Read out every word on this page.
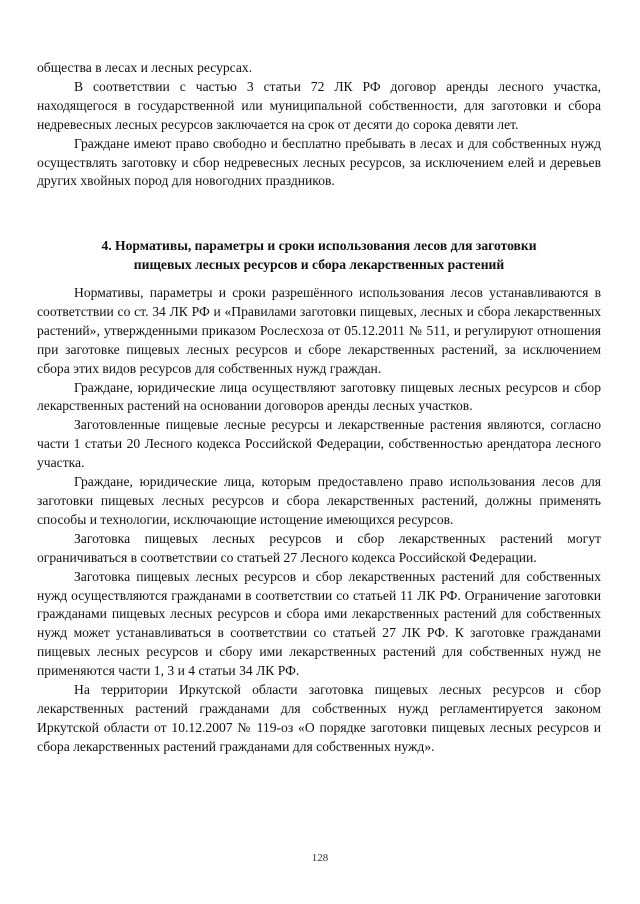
общества в лесах и лесных ресурсах.

В соответствии с частью 3 статьи 72 ЛК РФ договор аренды лесного участка, находящегося в государственной или муниципальной собственности, для заготовки и сбора недревесных лесных ресурсов заключается на срок от десяти до сорока девяти лет.

Граждане имеют право свободно и бесплатно пребывать в лесах и для собственных нужд осуществлять заготовку и сбор недревесных лесных ресурсов, за исключением елей и деревьев других хвойных пород для новогодних праздников.

4. Нормативы, параметры и сроки использования лесов для заготовки
пищевых лесных ресурсов и сбора лекарственных растений

Нормативы, параметры и сроки разрешённого использования лесов устанавливаются в соответствии со ст. 34 ЛК РФ и «Правилами заготовки пищевых, лесных и сбора лекарственных растений», утвержденными приказом Рослесхоза от 05.12.2011 № 511, и регулируют отношения при заготовке пищевых лесных ресурсов и сборе лекарственных растений, за исключением сбора этих видов ресурсов для собственных нужд граждан.

Граждане, юридические лица осуществляют заготовку пищевых лесных ресурсов и сбор лекарственных растений на основании договоров аренды лесных участков.

Заготовленные пищевые лесные ресурсы и лекарственные растения являются, согласно части 1 статьи 20 Лесного кодекса Российской Федерации, собственностью арендатора лесного участка.

Граждане, юридические лица, которым предоставлено право использования лесов для заготовки пищевых лесных ресурсов и сбора лекарственных растений, должны применять способы и технологии, исключающие истощение имеющихся ресурсов.

Заготовка пищевых лесных ресурсов и сбор лекарственных растений могут ограничиваться в соответствии со статьей 27 Лесного кодекса Российской Федерации.

Заготовка пищевых лесных ресурсов и сбор лекарственных растений для собственных нужд осуществляются гражданами в соответствии со статьей 11 ЛК РФ. Ограничение заготовки гражданами пищевых лесных ресурсов и сбора ими лекарственных растений для собственных нужд может устанавливаться в соответствии со статьей 27 ЛК РФ. К заготовке гражданами пищевых лесных ресурсов и сбору ими лекарственных растений для собственных нужд не применяются части 1, 3 и 4 статьи 34 ЛК РФ.

На территории Иркутской области заготовка пищевых лесных ресурсов и сбор лекарственных растений гражданами для собственных нужд регламентируется законом Иркутской области от 10.12.2007 № 119-оз «О порядке заготовки пищевых лесных ресурсов и сбора лекарственных растений гражданами для собственных нужд».

128
